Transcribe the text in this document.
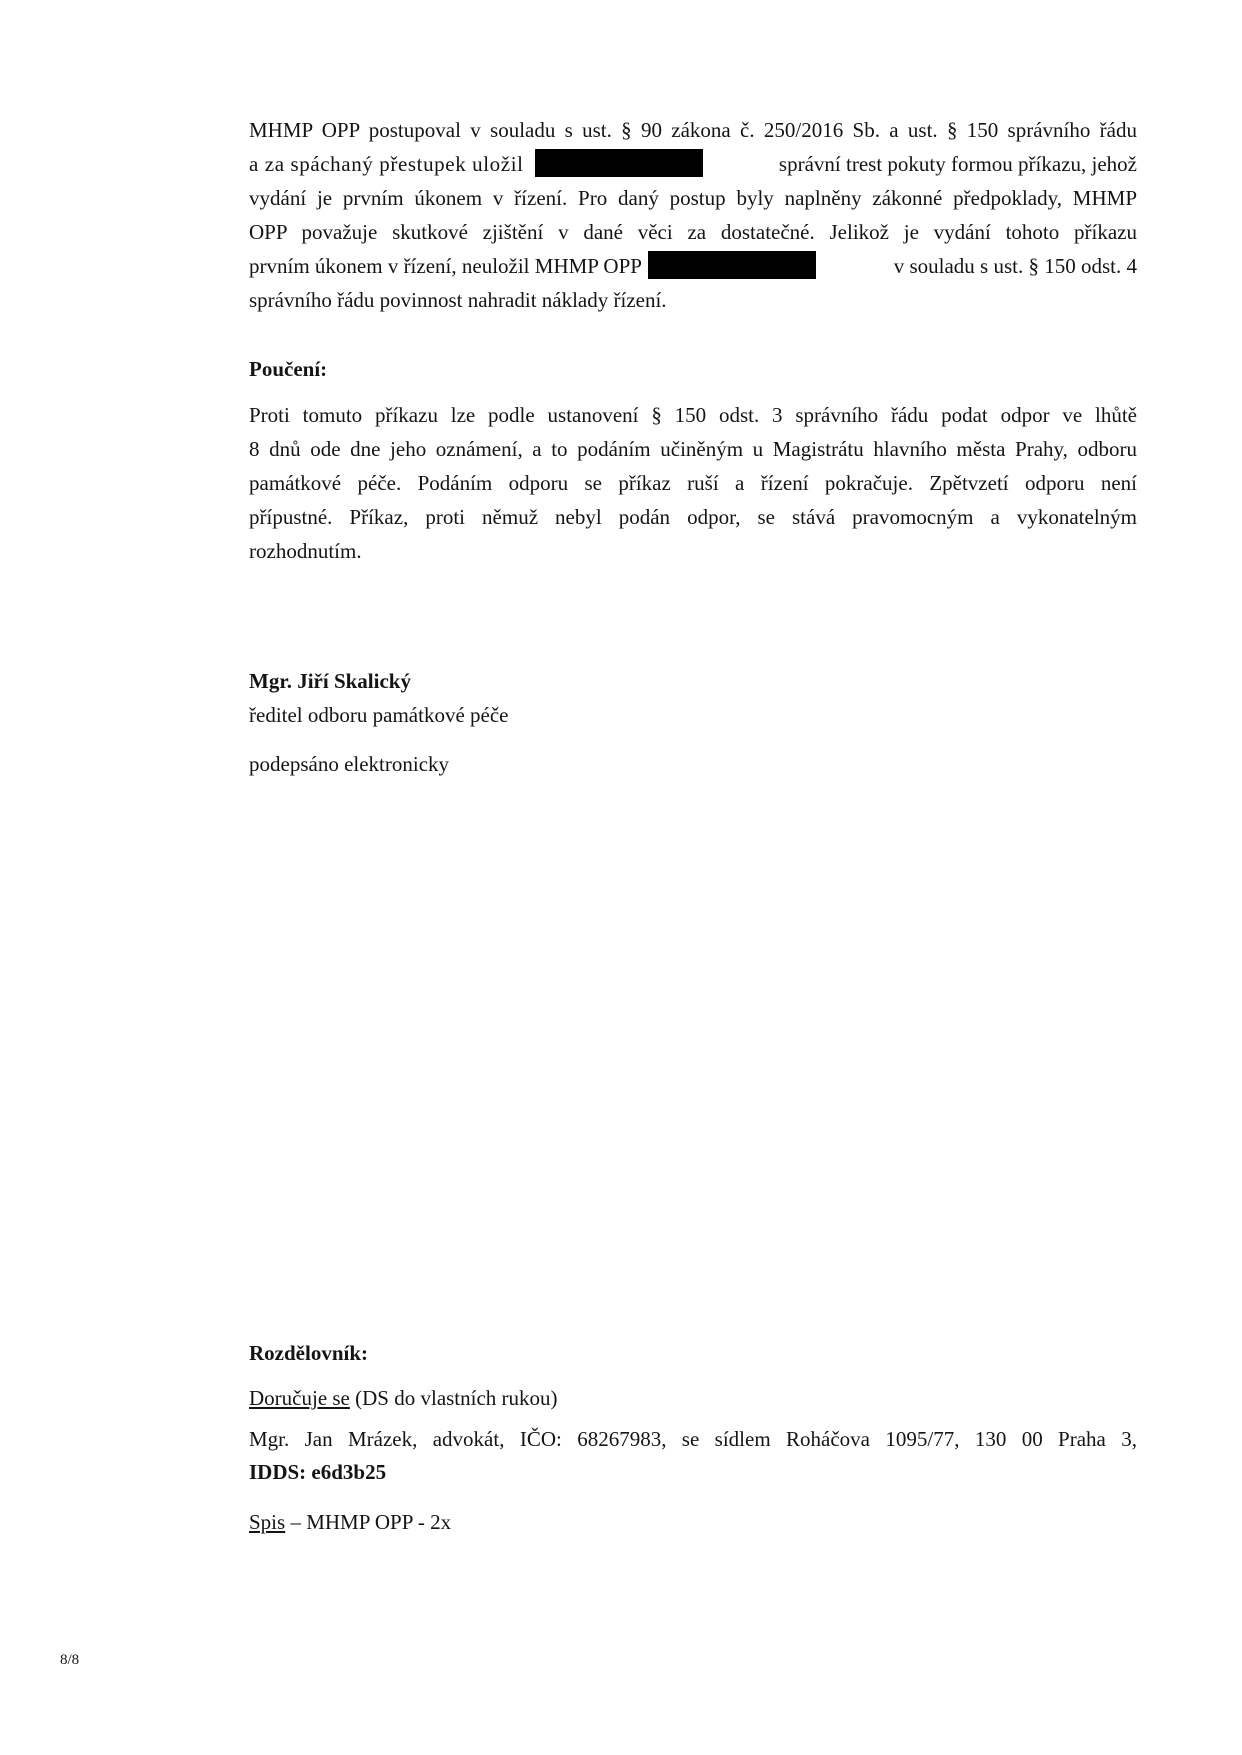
MHMP OPP postupoval v souladu s ust. § 90 zákona č. 250/2016 Sb. a ust. § 150 správního řádu
a za spáchaný přestupek uložil	správní trest pokuty formou příkazu, jehož
vydání je prvním úkonem v řízení. Pro daný postup byly naplněny zákonné předpoklady, MHMP
OPP považuje skutkové zjištění v dané věci za dostatečné. Jelikož je vydání tohoto příkazu
prvním úkonem v řízení, neuložil MHMP OPP	v souladu s ust. § 150 odst. 4
správního řádu povinnost nahradit náklady řízení.
Poučení:
Proti tomuto příkazu lze podle ustanovení § 150 odst. 3 správního řádu podat odpor ve lhůtě
8 dnů ode dne jeho oznámení, a to podáním učiněným u Magistrátu hlavního města Prahy, odboru
památkové péče. Podáním odporu se příkaz ruší a řízení pokračuje. Zpětvzetí odporu není
přípustné. Příkaz, proti němuž nebyl podán odpor, se stává pravomocným a vykonatelným
rozhodnutím.
Mgr. Jiří Skalický
ředitel odboru památkové péče
podepsáno elektronicky
Rozdělovník:
Doručuje se (DS do vlastních rukou)
Mgr. Jan Mrázek, advokát, IČO: 68267983, se sídlem Roháčova 1095/77, 130 00 Praha 3,
IDDS: e6d3b25
Spis – MHMP OPP - 2x
8/8
